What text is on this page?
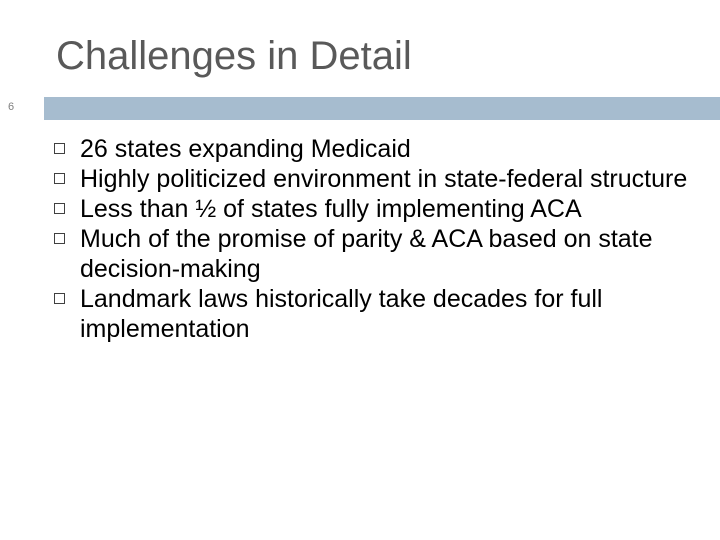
Challenges in Detail
6
26 states expanding Medicaid
Highly politicized environment in state-federal structure
Less than ½ of states fully implementing ACA
Much of the promise of parity & ACA based on state decision-making
Landmark laws historically take decades for full implementation
